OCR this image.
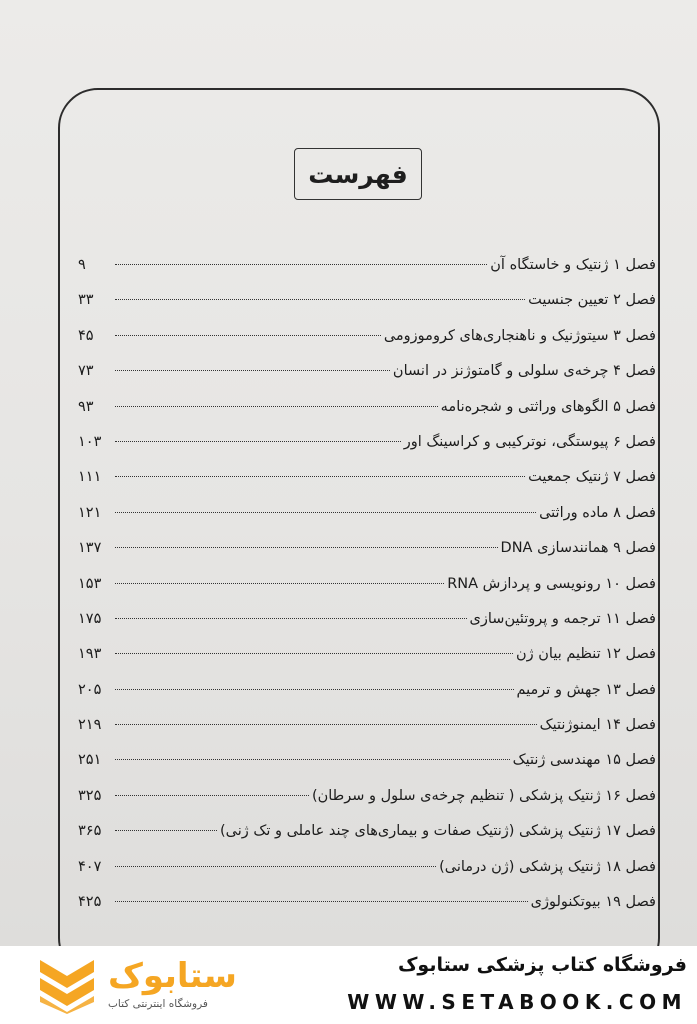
فهرست
فصل ۱ ژنتیک و خاستگاه آن
۹
فصل ۲ تعیین جنسیت
۳۳
فصل ۳ سیتوژنیک و ناهنجاری‌های کروموزومی
۴۵
فصل ۴ چرخه‌ی سلولی و گامتوژنز در انسان
۷۳
فصل ۵ الگوهای وراثتی و شجره‌نامه
۹۳
فصل ۶ پیوستگی، نوترکیبی و کراسینگ اور
۱۰۳
فصل ۷ ژنتیک جمعیت
۱۱۱
فصل ۸ ماده وراثتی
۱۲۱
فصل ۹ همانندسازی DNA
۱۳۷
فصل ۱۰ رونویسی و پردازش RNA
۱۵۳
فصل ۱۱ ترجمه و پروتئین‌سازی
۱۷۵
فصل ۱۲ تنظیم بیان ژن
۱۹۳
فصل ۱۳ جهش و ترمیم
۲۰۵
فصل ۱۴ ایمنوژنتیک
۲۱۹
فصل ۱۵ مهندسی ژنتیک
۲۵۱
فصل ۱۶ ژنتیک پزشکی ( تنظیم چرخه‌ی سلول و سرطان)
۳۲۵
فصل ۱۷ ژنتیک پزشکی (ژنتیک صفات و بیماری‌های چند عاملی و تک ژنی)
۳۶۵
فصل ۱۸ ژنتیک پزشکی (ژن درمانی)
۴۰۷
فصل ۱۹ بیوتکنولوژی
۴۲۵
ستابوک
فروشگاه اینترنتی کتاب
فروشگاه کتاب پزشکی ستابوک
WWW.SETABOOK.COM
